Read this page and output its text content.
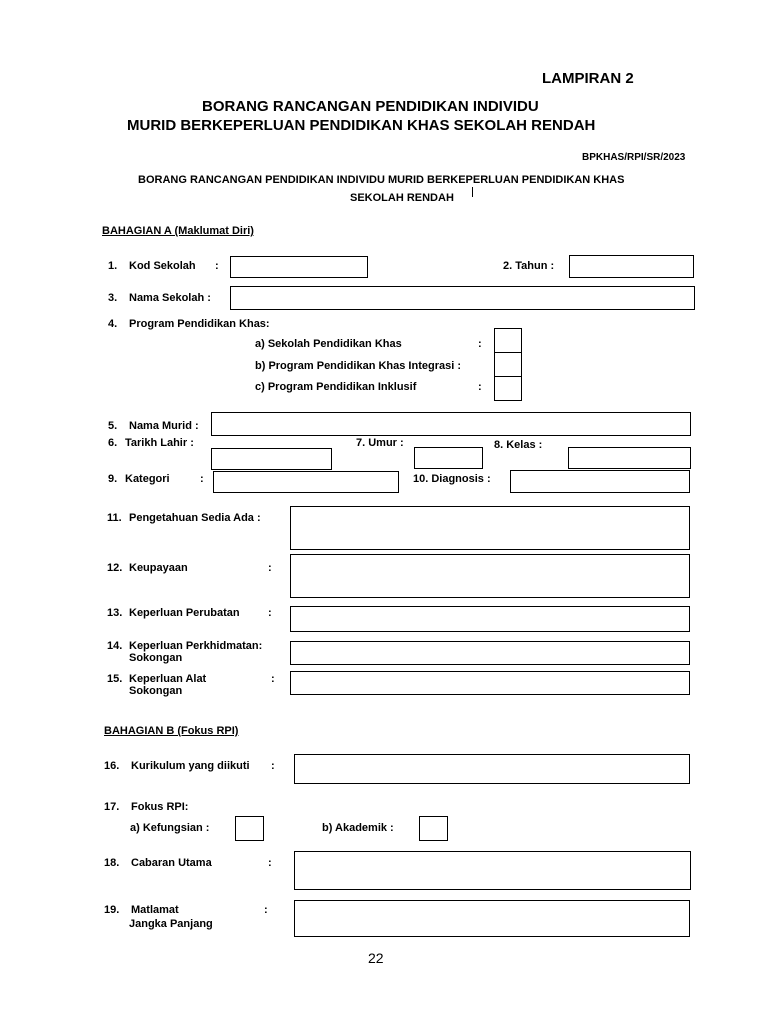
LAMPIRAN 2
BORANG RANCANGAN PENDIDIKAN INDIVIDU
MURID BERKEPERLUAN PENDIDIKAN KHAS SEKOLAH RENDAH
BPKHAS/RPI/SR/2023
BORANG RANCANGAN PENDIDIKAN INDIVIDU MURID BERKEPERLUAN PENDIDIKAN KHAS
SEKOLAH RENDAH
BAHAGIAN A (Maklumat Diri)
1. Kod Sekolah :	2. Tahun :
3. Nama Sekolah :
4. Program Pendidikan Khas:
a) Sekolah Pendidikan Khas	:
b) Program Pendidikan Khas Integrasi :
c) Program Pendidikan Inklusif	:
5. Nama Murid :
6. Tarikh Lahir :	7. Umur :	8. Kelas :
9. Kategori	:	10. Diagnosis :
11. Pengetahuan Sedia Ada :
12. Keupayaan	:
13. Keperluan Perubatan	:
14. Keperluan Perkhidmatan:
Sokongan
15. Keperluan Alat
Sokongan
:
BAHAGIAN B (Fokus RPI)
16. Kurikulum yang diikuti :
17. Fokus RPI:
a) Kefungsian :	b) Akademik :
18. Cabaran Utama	:
19. Matlamat
Jangka Panjang
:
22
